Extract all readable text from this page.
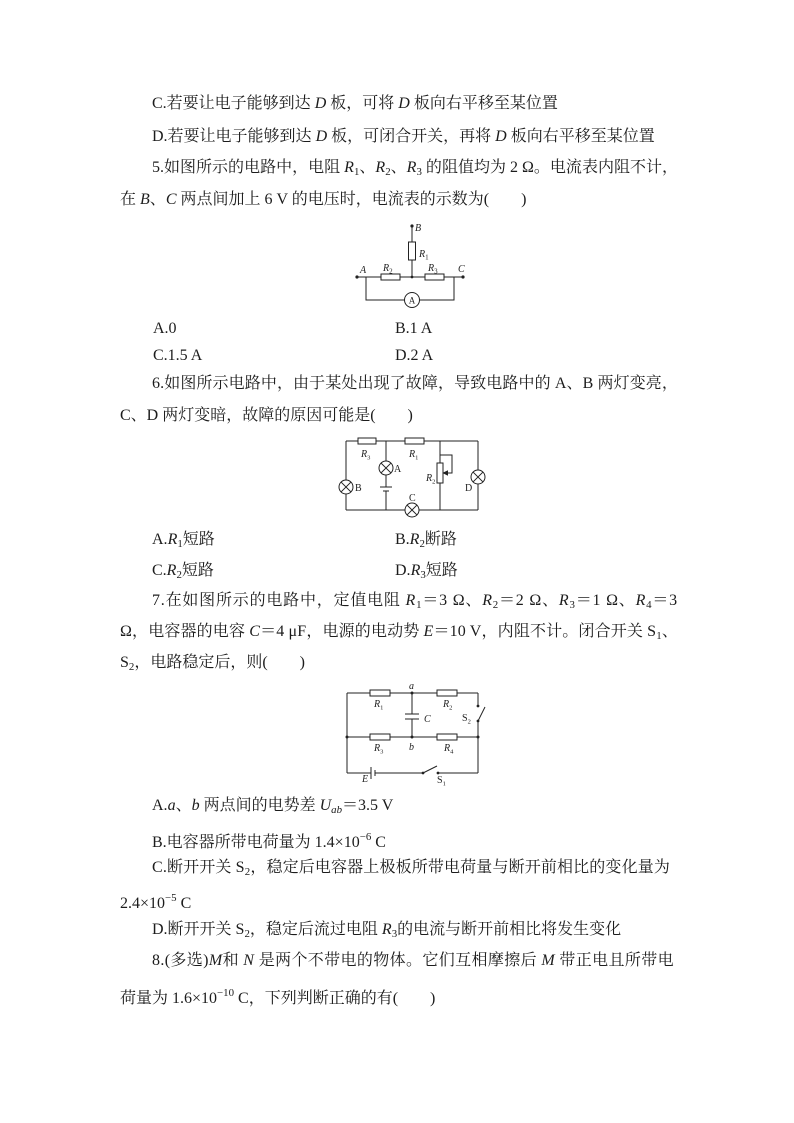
C.若要让电子能够到达 D 板，可将 D 板向右平移至某位置
D.若要让电子能够到达 D 板，可闭合开关，再将 D 板向右平移至某位置
5.如图所示的电路中，电阻 $R_1$、$R_2$、$R_3$ 的阻值均为 2 Ω。电流表内阻不计，
在 B、C 两点间加上 6 V 的电压时，电流表的示数为(　　)
B
$R_1$
A $R_2$	$R_3$ C
A
A.0	B.1 A
C.1.5 A	D.2 A
6.如图所示电路中，由于某处出现了故障，导致电路中的 A、B 两灯变亮，
C、D 两灯变暗，故障的原因可能是(　　)
$R_3$	$R_1$
$R_2$
A
B
C
D
$A.R_1$短路	$B.R_2$断路
$C.R_2$短路	$D.R_3$短路
7.在如图所示的电路中，定值电阻 $R_1=3$ Ω、$R_2=2$ Ω、$R_3=1$ Ω、$R_4=3$
Ω，电容器的电容 C＝4 μF，电源的电动势 E＝10 V，内阻不计。闭合开关 $S_1$、
$S_2$，电路稳定后，则(　　)
a
$R_1$	$R_2$
C	$S_2$
$R_3$	b	$R_4$
E	$S_1$
A.a、b 两点间的电势差 $U_{ab}=3.5$ V
B.电容器所带电荷量为 $1.4\times 10^{-6}$ C
C.断开开关 $S_2$，稳定后电容器上极板所带电荷量与断开前相比的变化量为
$2.4\times 10^{-5}$ C
D.断开开关 $S_2$，稳定后流过电阻 $R_3$的电流与断开前相比将发生变化
8.(多选)M和 N 是两个不带电的物体。它们互相摩擦后 M 带正电且所带电
荷量为 $1.6\times 10^{-10}$ C，下列判断正确的有(　　)
